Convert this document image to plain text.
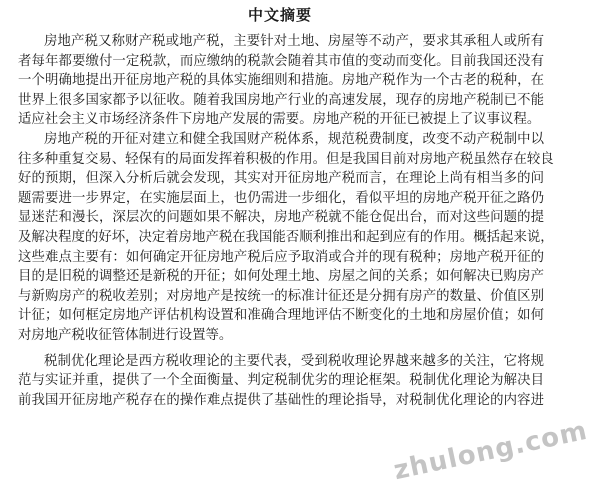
中文摘要
房地产税又称财产税或地产税，主要针对土地、房屋等不动产，要求其承租人或所有
者每年都要缴付一定税款，而应缴纳的税款会随着其市值的变动而变化。目前我国还没有
一个明确地提出开征房地产税的具体实施细则和措施。房地产税作为一个古老的税种，在
世界上很多国家都予以征收。随着我国房地产行业的高速发展，现存的房地产税制已不能
适应社会主义市场经济条件下房地产发展的需要。房地产税的开征已被提上了议事议程。
房地产税的开征对建立和健全我国财产税体系，规范税费制度，改变不动产税制中以
往多种重复交易、轻保有的局面发挥着积极的作用。但是我国目前对房地产税虽然存在较良
好的预期，但深入分析后就会发现，其实对开征房地产税而言，在理论上尚有相当多的问
题需要进一步界定，在实施层面上，也仍需进一步细化，看似平坦的房地产税开征之路仍
显迷茫和漫长，深层次的问题如果不解决，房地产税就不能仓促出台，而对这些问题的提
及解决程度的好坏，决定着房地产税在我国能否顺利推出和起到应有的作用。概括起来说，
这些难点主要有：如何确定开征房地产税后应予取消或合并的现有税种；房地产税开征的
目的是旧税的调整还是新税的开征；如何处理土地、房屋之间的关系；如何解决已购房产
与新购房产的税收差别；对房地产是按统一的标准计征还是分拥有房产的数量、价值区别
计征；如何框定房地产评估机构设置和准确合理地评估不断变化的土地和房屋价值；如何
对房地产税收征管体制进行设置等。
税制优化理论是西方税收理论的主要代表，受到税收理论界越来越多的关注，它将规
范与实证并重，提供了一个全面衡量、判定税制优劣的理论框架。税制优化理论为解决目
前我国开征房地产税存在的操作难点提供了基础性的理论指导，对税制优化理论的内容进
zhulong.com
